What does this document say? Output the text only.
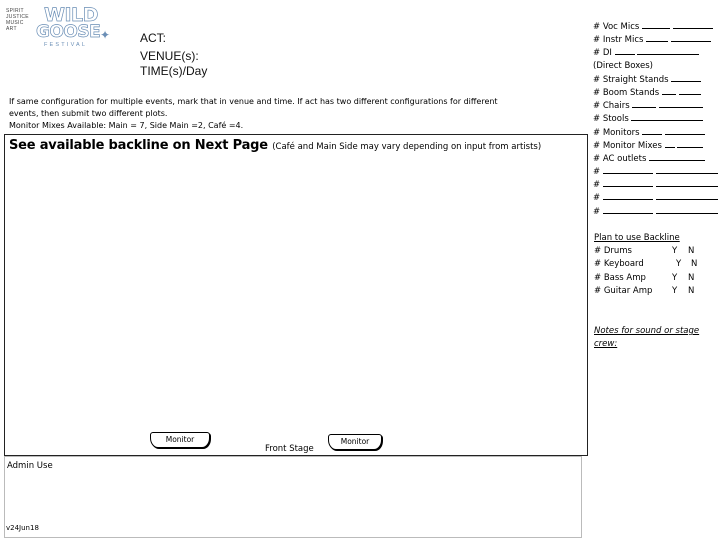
SPIRIT
JUSTICE
MUSIC
ART
WILD
GOOSE
FESTIVAL
✦ ACT:
VENUE(s):
TIME(s)/Day
If same configuration for multiple events, mark that in venue and time. If act has two different configurations for different
events, then submit two different plots.
Monitor Mixes Available: Main = 7, Side Main =2, Café =4.
See available backline on Next Page (Café and Main Side may vary depending on input from artists)
Monitor	Monitor
Front Stage
Admin Use
v24Jun18
# Voc Mics
# Instr Mics
# DI
(Direct Boxes)
# Straight Stands
# Boom Stands
# Chairs
# Stools
# Monitors
# Monitor Mixes
# AC outlets
#
#
#
#
Plan to use Backline
# Drums	Y N
# Keyboard	Y N
# Bass Amp	Y N
# Guitar Amp Y N
Notes for sound or stage
crew:
